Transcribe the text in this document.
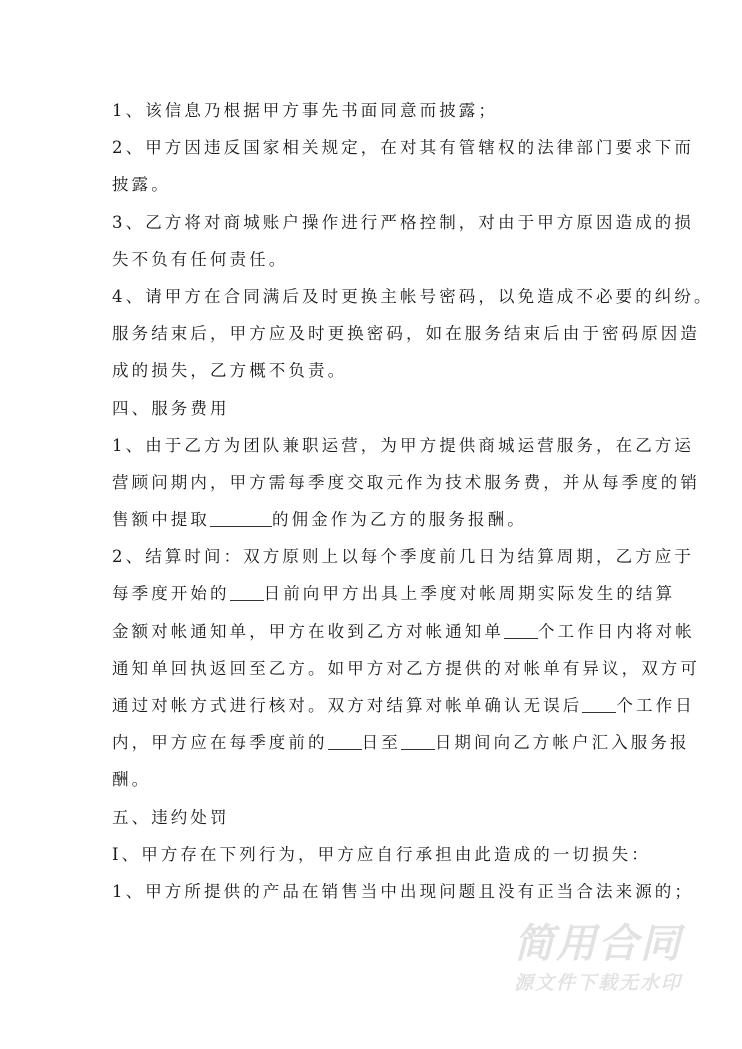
1、该信息乃根据甲方事先书面同意而披露；
2、甲方因违反国家相关规定，在对其有管辖权的法律部门要求下而
披露。
3、乙方将对商城账户操作进行严格控制，对由于甲方原因造成的损
失不负有任何责任。
4、请甲方在合同满后及时更换主帐号密码，以免造成不必要的纠纷。
服务结束后，甲方应及时更换密码，如在服务结束后由于密码原因造
成的损失，乙方概不负责。
四、服务费用
1、由于乙方为团队兼职运营，为甲方提供商城运营服务，在乙方运
营顾问期内，甲方需每季度交取元作为技术服务费，并从每季度的销
售额中提取	的佣金作为乙方的服务报酬。
2、结算时间：双方原则上以每个季度前几日为结算周期，乙方应于
每季度开始的 日前向甲方出具上季度对帐周期实际发生的结算
金额对帐通知单，甲方在收到乙方对帐通知单 个工作日内将对帐
通知单回执返回至乙方。如甲方对乙方提供的对帐单有异议，双方可
通过对帐方式进行核对。双方对结算对帐单确认无误后 个工作日
内，甲方应在每季度前的 日至 日期间向乙方帐户汇入服务报
酬。
五、违约处罚
I、甲方存在下列行为，甲方应自行承担由此造成的一切损失：
1、甲方所提供的产品在销售当中出现问题且没有正当合法来源的；
简用合同
源文件下载无水印
